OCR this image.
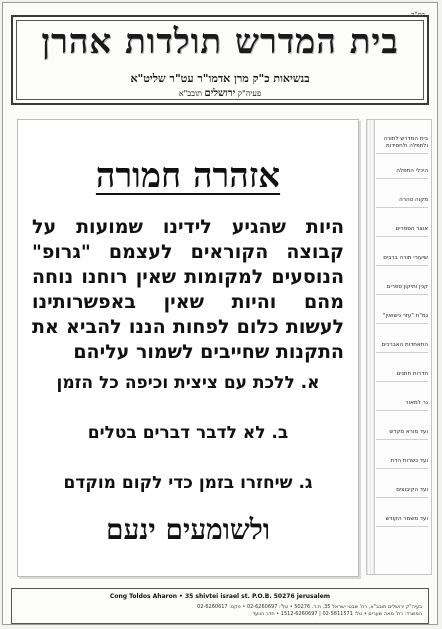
בית המדרש תולדות אהרן
בנשיאות כ"ק מרן אדמו"ר עט"ר שליט"א
פעיה"ק ירושלים תובב"א
אזהרה חמורה
היות שהגיע לידינו שמועות על קבוצה הקוראים לעצמם "גרופ" הנוסעים למקומות שאין רוחנו נוחה מהם והיות שאין באפשרותינו לעשות כלום לפחות הננו להביא את התקנות שחייבים לשמור עליהם
א. ללכת עם ציצית וכיפה כל הזמן
ב. לא לדבר דברים בטלים
ג. שיחזרו בזמן כדי לקום מוקדם
ולשומעים ינעם
בית המדרש לתורה ולתפלה ולחסידות
היכלי התפלה
מקוה טהרה
אוצר הספרים
שיעורי תורה ברבים
קנין ותיקון ספרים
גמ"ח "עזר נישואין"
התאחדות האברכים
חדרות חתנים
נר למאור
ועד מורא מקדש
ועד כשרות הדת
ועד הקיבוצים
ועד משמר הקודש
Cong Toldos Aharon • 35 shivtei israel st. P.O.B. 50276 jerusalem
בעיה"ק ירושלים תובב"א, רח' שבטי ישראל 35, ת.ד. 50276 • טל': 02-6260697 • פקס: 02-6260617
המשרד: רח' מאה שערים • טל: 02-5811571 | 1512-6260697 • חדר הוועד
